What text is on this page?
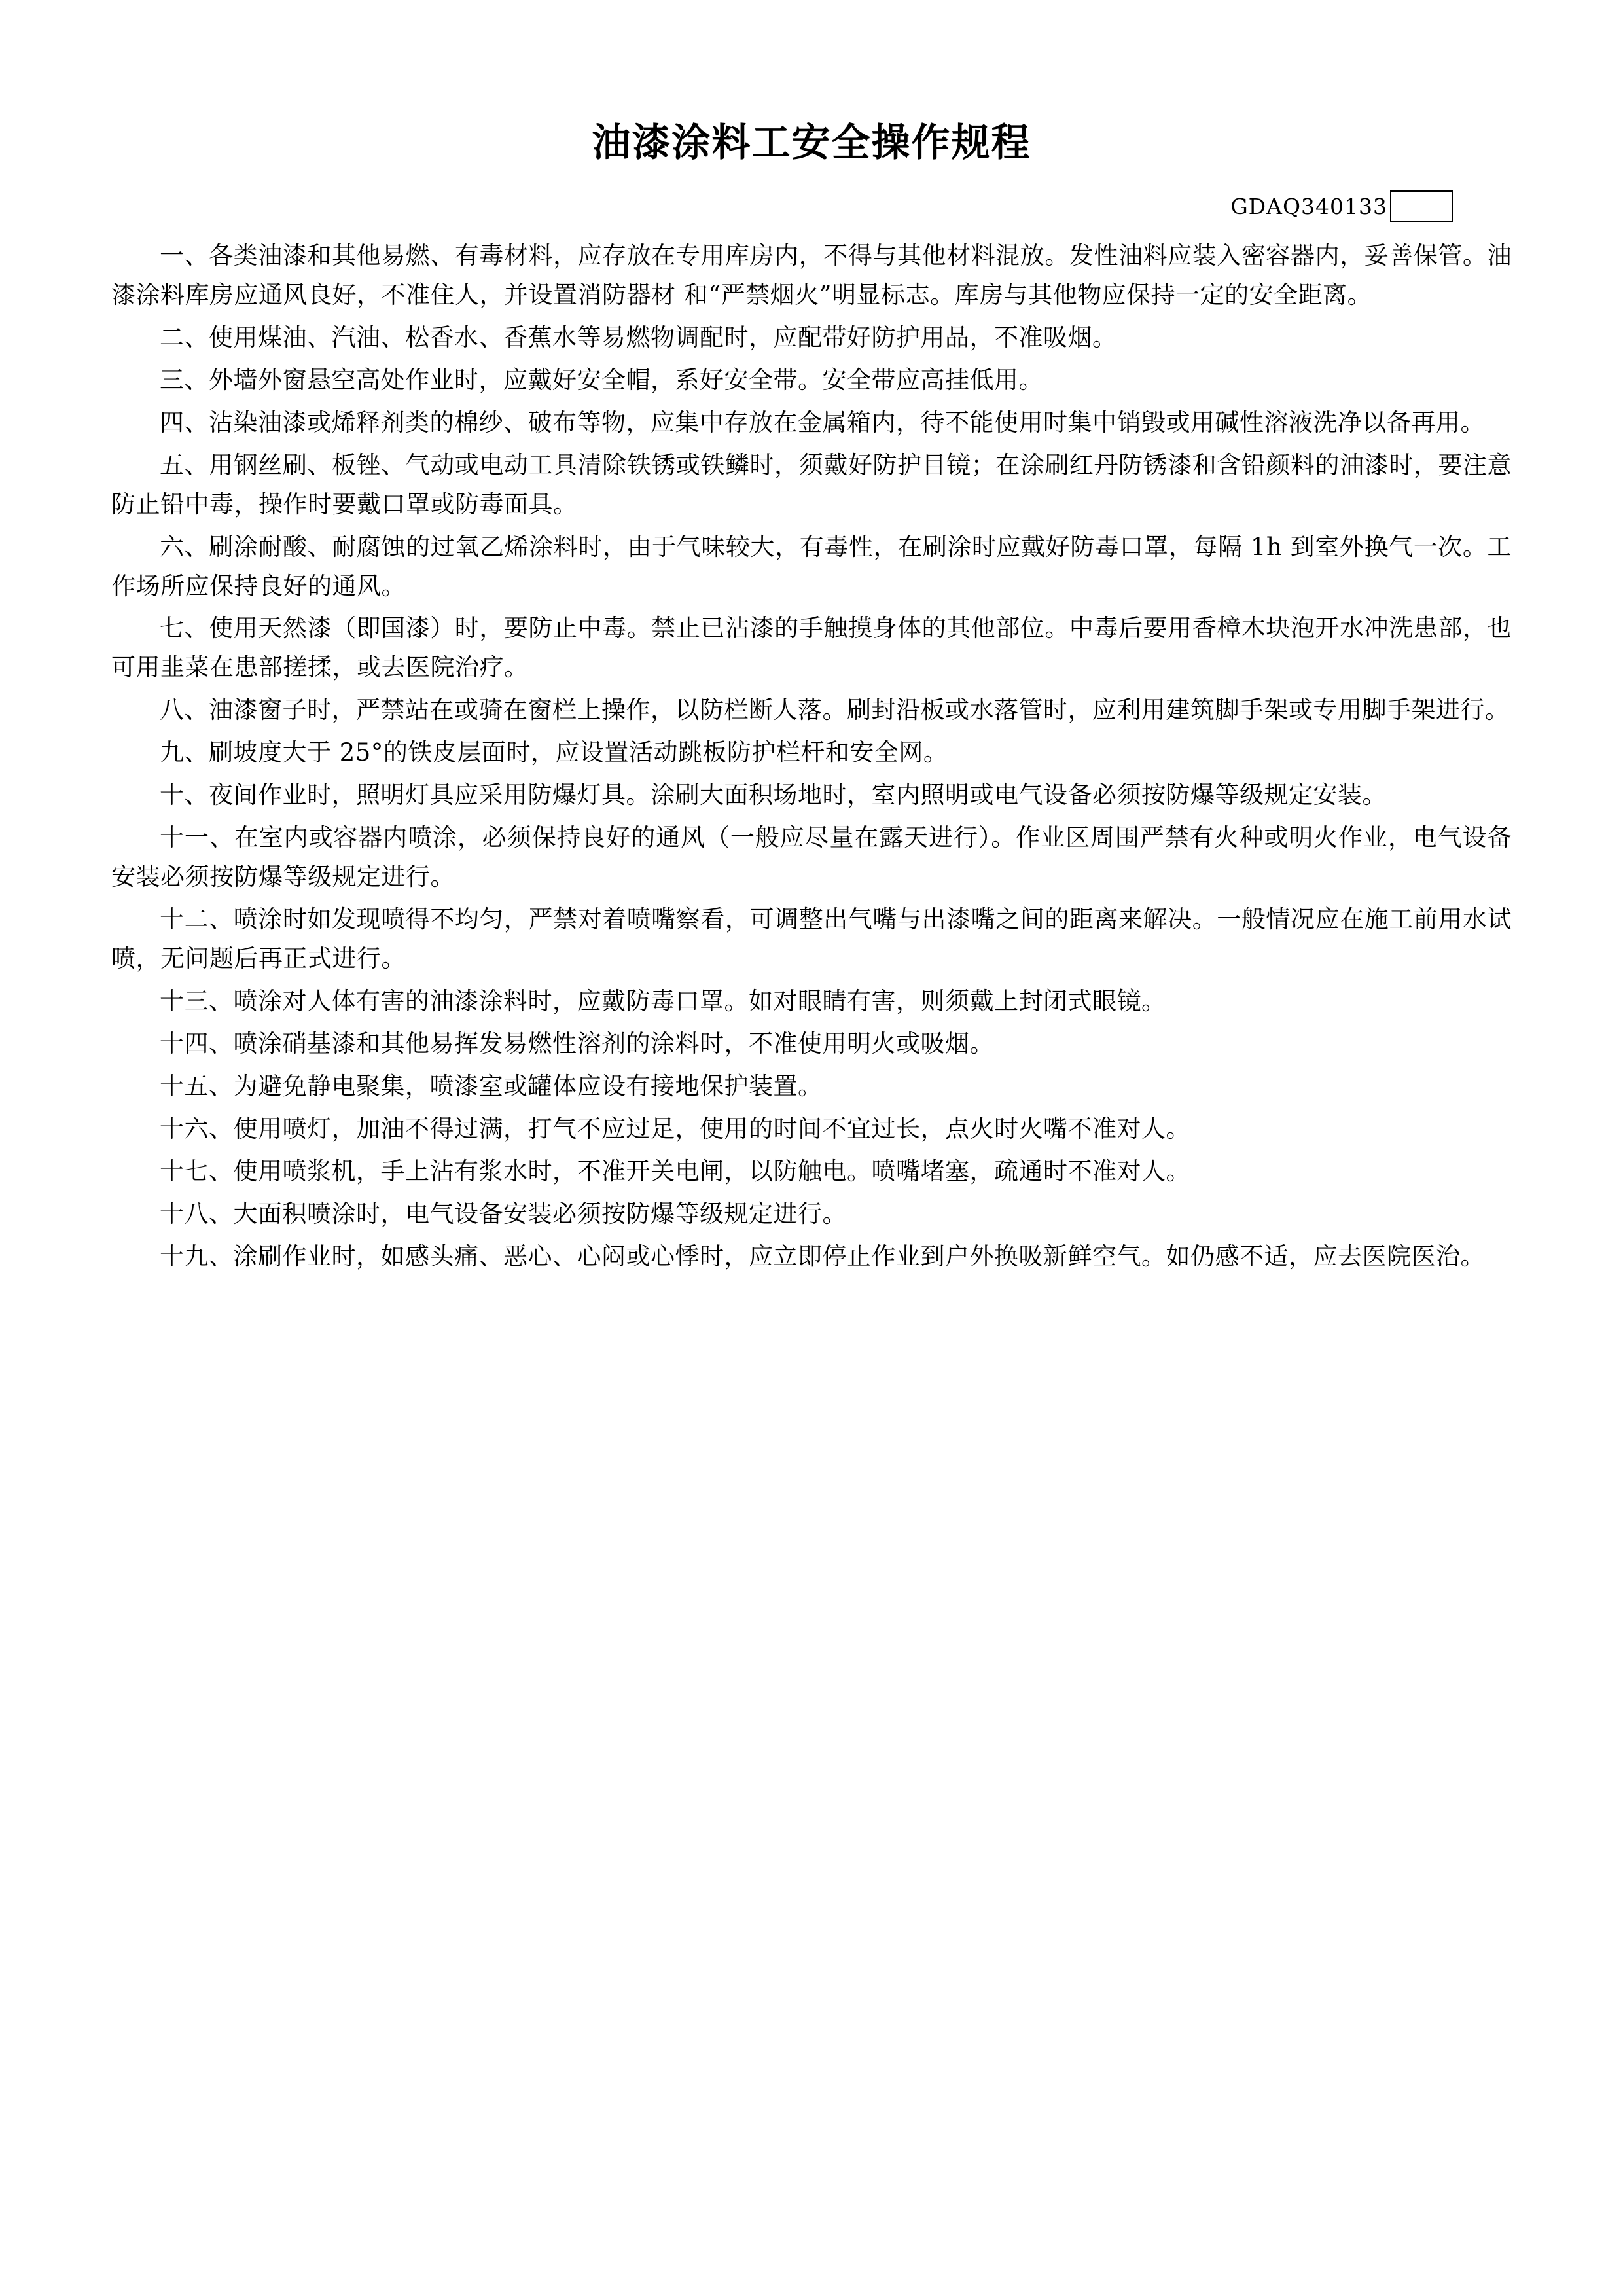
油漆涂料工安全操作规程
GDAQ340133

一、各类油漆和其他易燃、有毒材料，应存放在专用库房内，不得与其他材料混放。发性油料应装入密容器内，妥善保管。油漆涂料库房应通风良好，不准住人，并设置消防器材 和“严禁烟火”明显标志。库房与其他物应保持一定的安全距离。

二、使用煤油、汽油、松香水、香蕉水等易燃物调配时，应配带好防护用品，不准吸烟。

三、外墙外窗悬空高处作业时，应戴好安全帽，系好安全带。安全带应高挂低用。

四、沾染油漆或烯释剂类的棉纱、破布等物，应集中存放在金属箱内，待不能使用时集中销毁或用碱性溶液洗净以备再用。

五、用钢丝刷、板锉、气动或电动工具清除铁锈或铁鳞时，须戴好防护目镜；在涂刷红丹防锈漆和含铅颜料的油漆时，要注意防止铅中毒，操作时要戴口罩或防毒面具。

六、刷涂耐酸、耐腐蚀的过氧乙烯涂料时，由于气味较大，有毒性，在刷涂时应戴好防毒口罩，每隔 1h 到室外换气一次。工作场所应保持良好的通风。

七、使用天然漆（即国漆）时，要防止中毒。禁止已沾漆的手触摸身体的其他部位。中毒后要用香樟木块泡开水冲洗患部，也可用韭菜在患部搓揉，或去医院治疗。

八、油漆窗子时，严禁站在或骑在窗栏上操作，以防栏断人落。刷封沿板或水落管时，应利用建筑脚手架或专用脚手架进行。

九、刷坡度大于 25°的铁皮层面时，应设置活动跳板防护栏杆和安全网。

十、夜间作业时，照明灯具应采用防爆灯具。涂刷大面积场地时，室内照明或电气设备必须按防爆等级规定安装。

十一、在室内或容器内喷涂，必须保持良好的通风（一般应尽量在露天进行）。作业区周围严禁有火种或明火作业，电气设备安装必须按防爆等级规定进行。

十二、喷涂时如发现喷得不均匀，严禁对着喷嘴察看，可调整出气嘴与出漆嘴之间的距离来解决。一般情况应在施工前用水试喷，无问题后再正式进行。

十三、喷涂对人体有害的油漆涂料时，应戴防毒口罩。如对眼睛有害，则须戴上封闭式眼镜。

十四、喷涂硝基漆和其他易挥发易燃性溶剂的涂料时，不准使用明火或吸烟。

十五、为避免静电聚集，喷漆室或罐体应设有接地保护装置。

十六、使用喷灯，加油不得过满，打气不应过足，使用的时间不宜过长，点火时火嘴不准对人。

十七、使用喷浆机，手上沾有浆水时，不准开关电闸，以防触电。喷嘴堵塞，疏通时不准对人。

十八、大面积喷涂时，电气设备安装必须按防爆等级规定进行。

十九、涂刷作业时，如感头痛、恶心、心闷或心悸时，应立即停止作业到户外换吸新鲜空气。如仍感不适，应去医院医治。
